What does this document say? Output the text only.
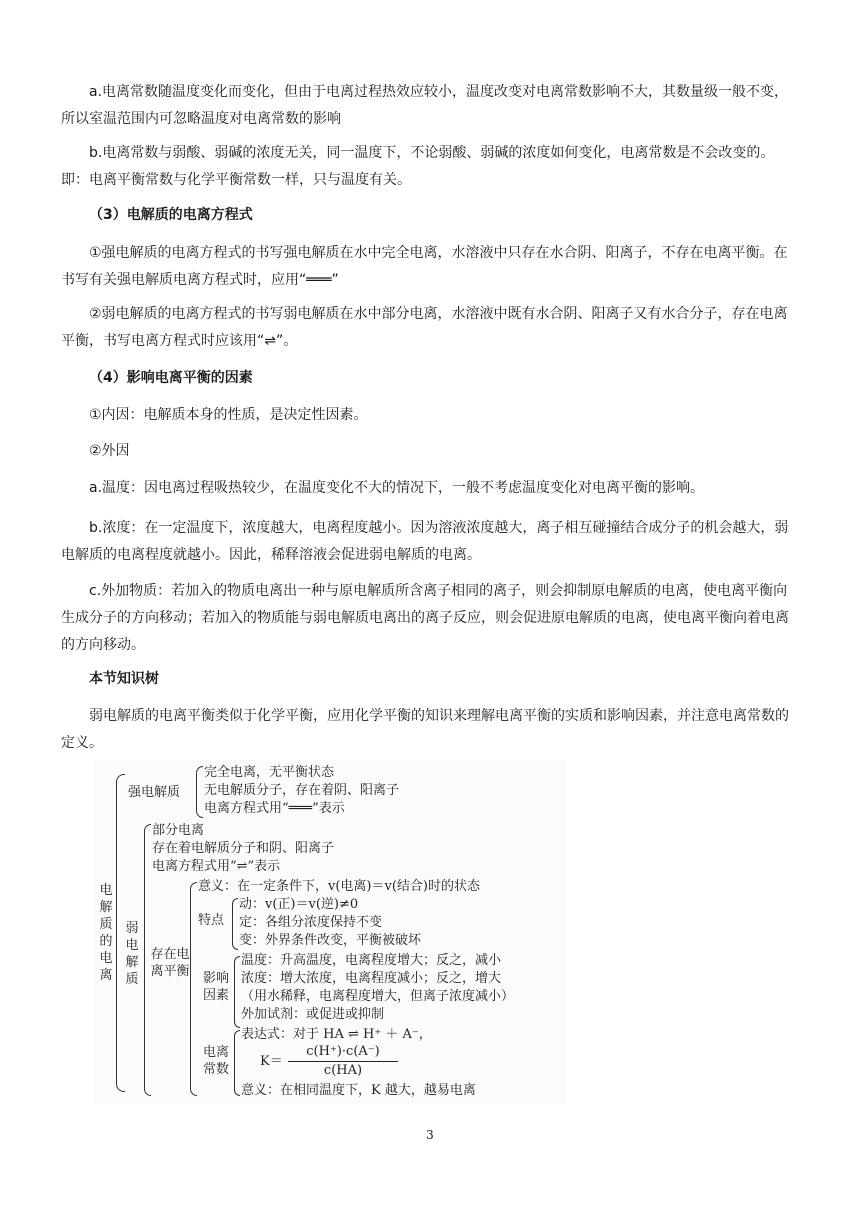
a.电离常数随温度变化而变化，但由于电离过程热效应较小，温度改变对电离常数影响不大，其数量级一般不变，所以室温范围内可忽略温度对电离常数的影响

b.电离常数与弱酸、弱碱的浓度无关，同一温度下，不论弱酸、弱碱的浓度如何变化，电离常数是不会改变的。即：电离平衡常数与化学平衡常数一样，只与温度有关。

（3）电解质的电离方程式

①强电解质的电离方程式的书写强电解质在水中完全电离，水溶液中只存在水合阴、阳离子，不存在电离平衡。在书写有关强电解质电离方程式时，应用“═══”

②弱电解质的电离方程式的书写弱电解质在水中部分电离，水溶液中既有水合阴、阳离子又有水合分子，存在电离平衡，书写电离方程式时应该用“⇌”。

（4）影响电离平衡的因素

①内因：电解质本身的性质，是决定性因素。

②外因

a.温度：因电离过程吸热较少，在温度变化不大的情况下，一般不考虑温度变化对电离平衡的影响。

b.浓度：在一定温度下，浓度越大，电离程度越小。因为溶液浓度越大，离子相互碰撞结合成分子的机会越大，弱电解质的电离程度就越小。因此，稀释溶液会促进弱电解质的电离。

c.外加物质：若加入的物质电离出一种与原电解质所含离子相同的离子，则会抑制原电解质的电离，使电离平衡向生成分子的方向移动；若加入的物质能与弱电解质电离出的离子反应，则会促进原电解质的电离，使电离平衡向着电离的方向移动。

本节知识树

弱电解质的电离平衡类似于化学平衡，应用化学平衡的知识来理解电离平衡的实质和影响因素，并注意电离常数的定义。

电解质的电离
强电解质
完全电离，无平衡状态
无电解质分子，存在着阴、阳离子
电离方程式用“═══”表示
弱电解质
部分电离
存在着电解质分子和阴、阳离子
电离方程式用“⇌”表示
存在电离平衡
意义：在一定条件下，v(电离)＝v(结合)时的状态
特点
动：v(正)＝v(逆)≠0
定：各组分浓度保持不变
变：外界条件改变，平衡被破坏
影响因素
温度：升高温度，电离程度增大；反之，减小
浓度：增大浓度，电离程度减小；反之，增大
（用水稀释，电离程度增大，但离子浓度减小）
外加试剂：或促进或抑制
电离常数
表达式：对于 HA ⇌ H⁺ ＋ A⁻，
K＝
c(H⁺)·c(A⁻)
c(HA)
意义：在相同温度下，K 越大，越易电离
3
